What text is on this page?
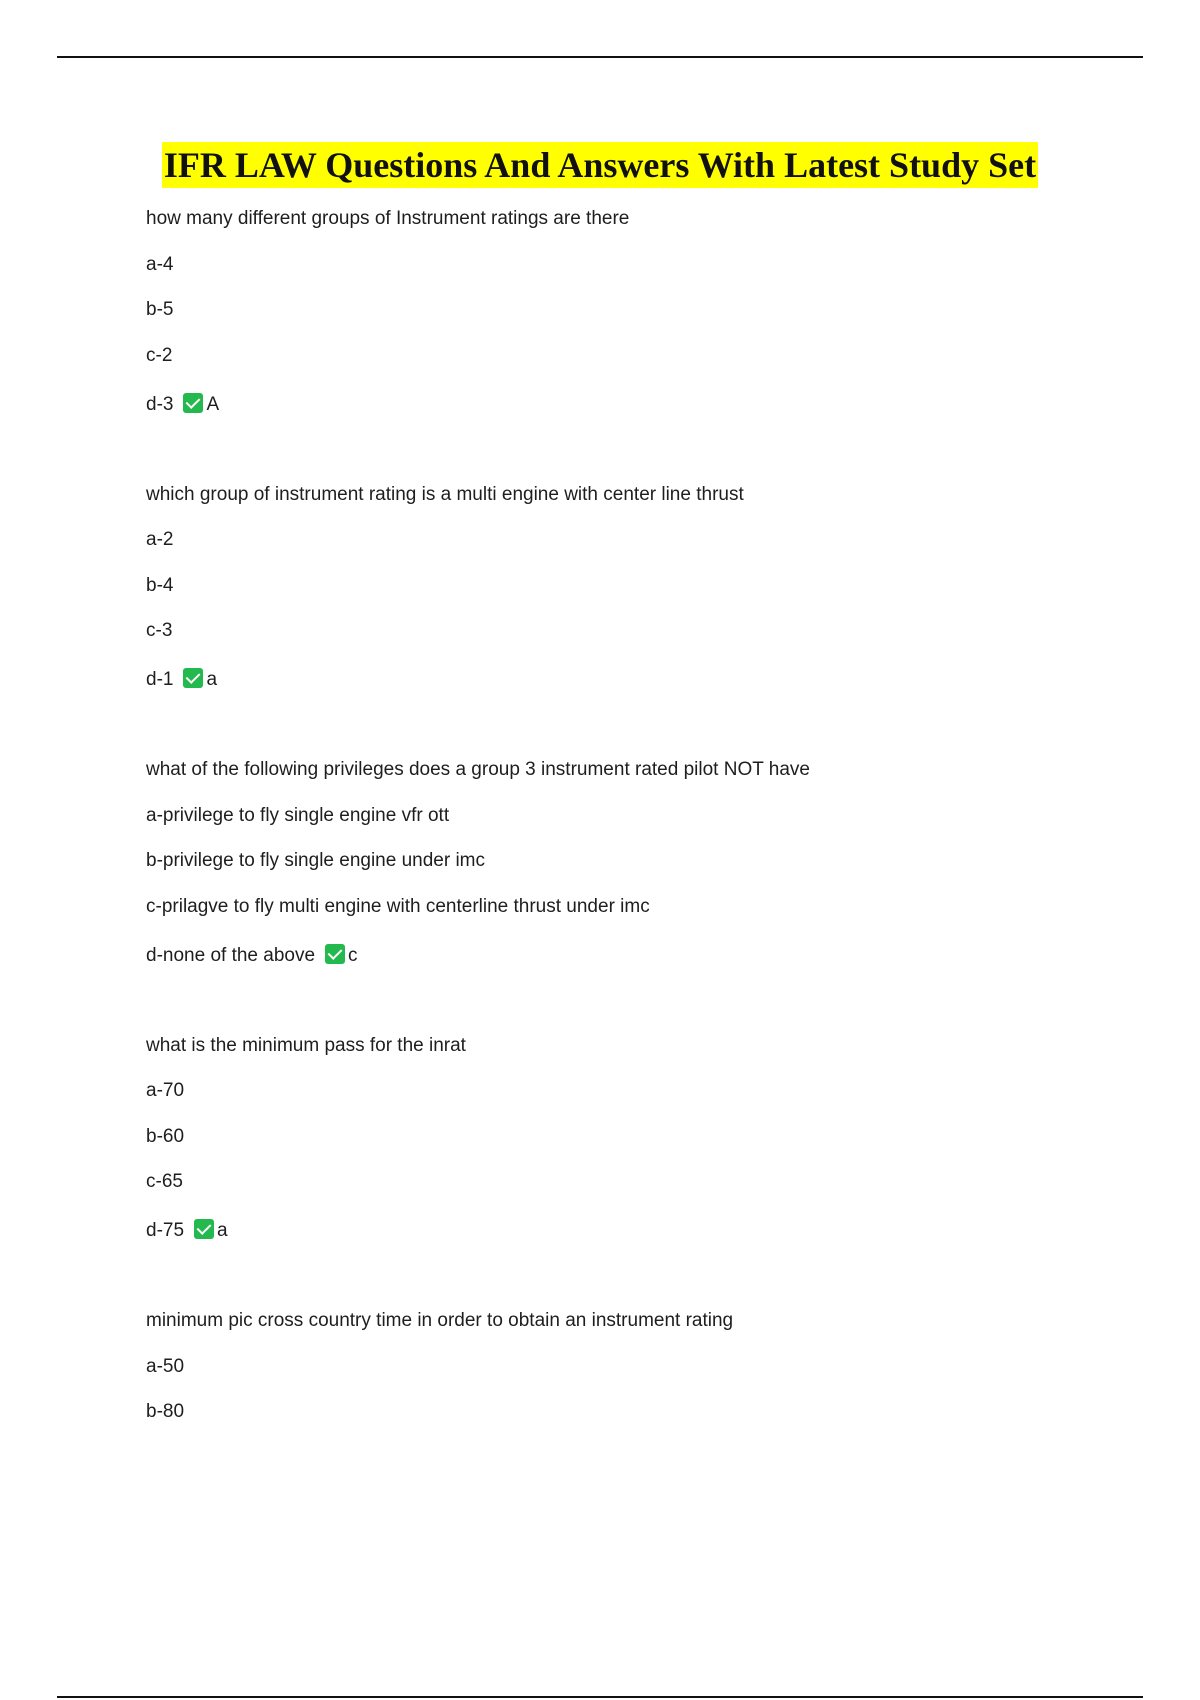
IFR LAW Questions And Answers With Latest Study Set
how many different groups of Instrument ratings are there
a-4
b-5
c-2
d-3 A
which group of instrument rating is a multi engine with center line thrust
a-2
b-4
c-3
d-1 a
what of the following privileges does a group 3 instrument rated pilot NOT have
a-privilege to fly single engine vfr ott
b-privilege to fly single engine under imc
c-prilagve to fly multi engine with centerline thrust under imc
d-none of the above c
what is the minimum pass for the inrat
a-70
b-60
c-65
d-75 a
minimum pic cross country time in order to obtain an instrument rating
a-50
b-80
